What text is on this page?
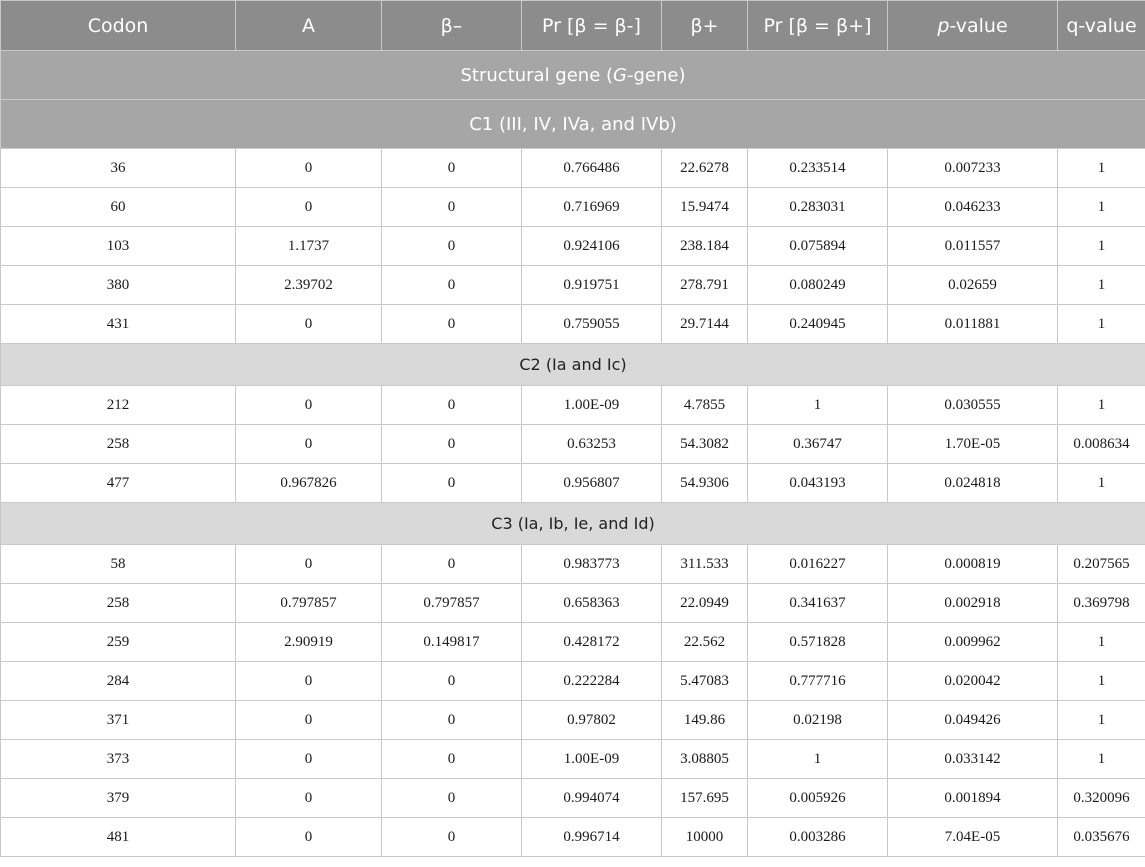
Codon	A	β–	Pr [β = β-]	β+	Pr [β = β+]	p-value	q-value
Structural gene (G-gene)							
C1 (III, IV, IVa, and IVb)							
36	0	0	0.766486	22.6278	0.233514	0.007233	1
60	0	0	0.716969	15.9474	0.283031	0.046233	1
103	1.1737	0	0.924106	238.184	0.075894	0.011557	1
380	2.39702	0	0.919751	278.791	0.080249	0.02659	1
431	0	0	0.759055	29.7144	0.240945	0.011881	1
C2 (Ia and Ic)							
212	0	0	1.00E-09	4.7855	1	0.030555	1
258	0	0	0.63253	54.3082	0.36747	1.70E-05	0.008634
477	0.967826	0	0.956807	54.9306	0.043193	0.024818	1
C3 (Ia, Ib, Ie, and Id)							
58	0	0	0.983773	311.533	0.016227	0.000819	0.207565
258	0.797857	0.797857	0.658363	22.0949	0.341637	0.002918	0.369798
259	2.90919	0.149817	0.428172	22.562	0.571828	0.009962	1
284	0	0	0.222284	5.47083	0.777716	0.020042	1
371	0	0	0.97802	149.86	0.02198	0.049426	1
373	0	0	1.00E-09	3.08805	1	0.033142	1
379	0	0	0.994074	157.695	0.005926	0.001894	0.320096
481	0	0	0.996714	10000	0.003286	7.04E-05	0.035676
